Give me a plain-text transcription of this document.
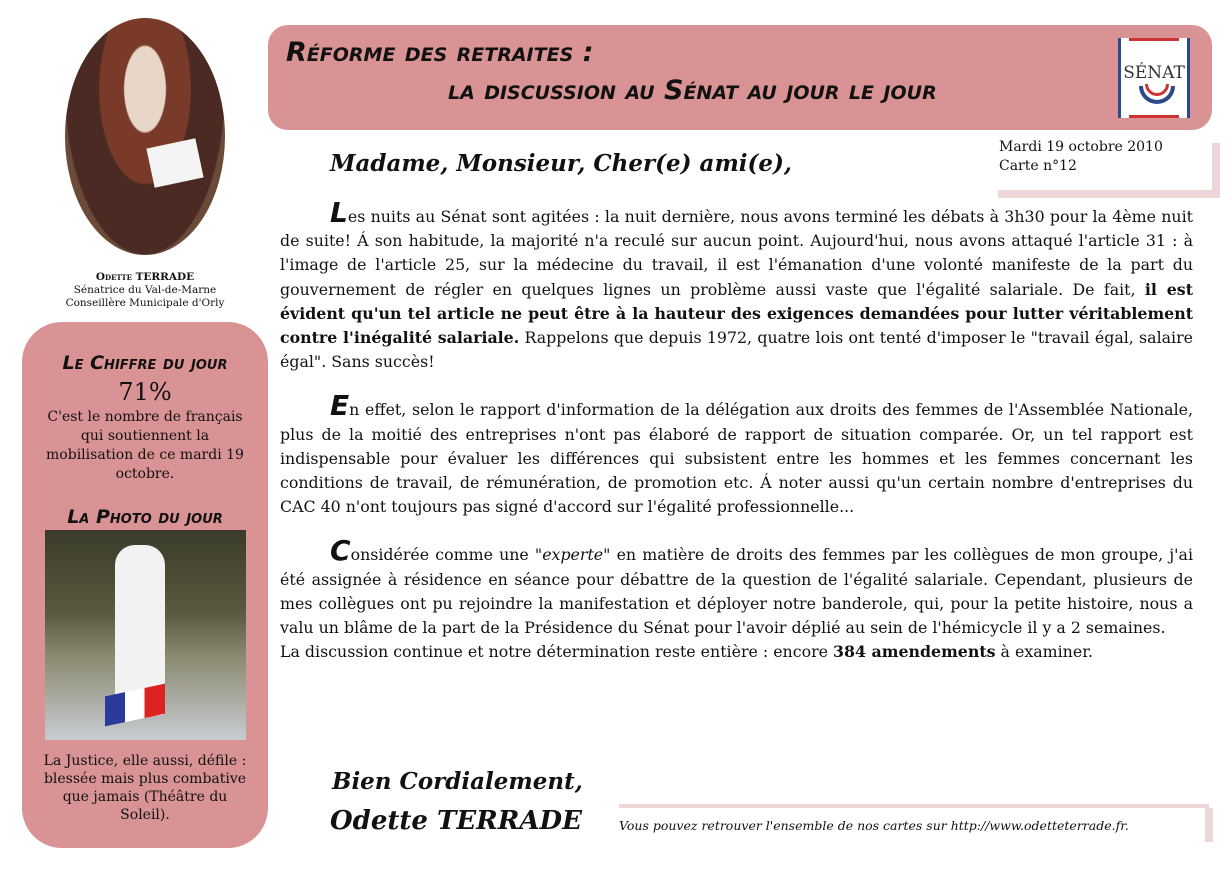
Odette TERRADE
Sénatrice du Val-de-Marne
Conseillère Municipale d'Orly
Le Chiffre du jour
71%
C'est le nombre de français qui soutiennent la mobilisation de ce mardi 19 octobre.
La Photo du jour
La Justice, elle aussi, défile : blessée mais plus combative que jamais (Théâtre du Soleil).
Réforme des retraites :
la discussion au Sénat au jour le jour
SÉNAT
Mardi 19 octobre 2010
Carte n°12
Madame, Monsieur, Cher(e) ami(e),

Les nuits au Sénat sont agitées : la nuit dernière, nous avons terminé les débats à 3h30 pour la 4ème nuit de suite! Á son habitude, la majorité n'a reculé sur aucun point. Aujourd'hui, nous avons attaqué l'article 31 : à l'image de l'article 25, sur la médecine du travail, il est l'émanation d'une volonté manifeste de la part du gouvernement de régler en quelques lignes un problème aussi vaste que l'égalité salariale. De fait, il est évident qu'un tel article ne peut être à la hauteur des exigences demandées pour lutter véritablement contre l'inégalité salariale. Rappelons que depuis 1972, quatre lois ont tenté d'imposer le "travail égal, salaire égal". Sans succès!

En effet, selon le rapport d'information de la délégation aux droits des femmes de l'Assemblée Nationale, plus de la moitié des entreprises n'ont pas élaboré de rapport de situation comparée. Or, un tel rapport est indispensable pour évaluer les différences qui subsistent entre les hommes et les femmes concernant les conditions de travail, de rémunération, de promotion etc. Á noter aussi qu'un certain nombre d'entreprises du CAC 40 n'ont toujours pas signé d'accord sur l'égalité professionnelle...

Considérée comme une "experte" en matière de droits des femmes par les collègues de mon groupe, j'ai été assignée à résidence en séance pour débattre de la question de l'égalité salariale. Cependant, plusieurs de mes collègues ont pu rejoindre la manifestation et déployer notre banderole, qui, pour la petite histoire, nous a valu un blâme de la part de la Présidence du Sénat pour l'avoir déplié au sein de l'hémicycle il y a 2 semaines.

La discussion continue et notre détermination reste entière : encore 384 amendements à examiner.

Bien Cordialement,
Odette TERRADE	Vous pouvez retrouver l'ensemble de nos cartes sur http://www.odetteterrade.fr.
